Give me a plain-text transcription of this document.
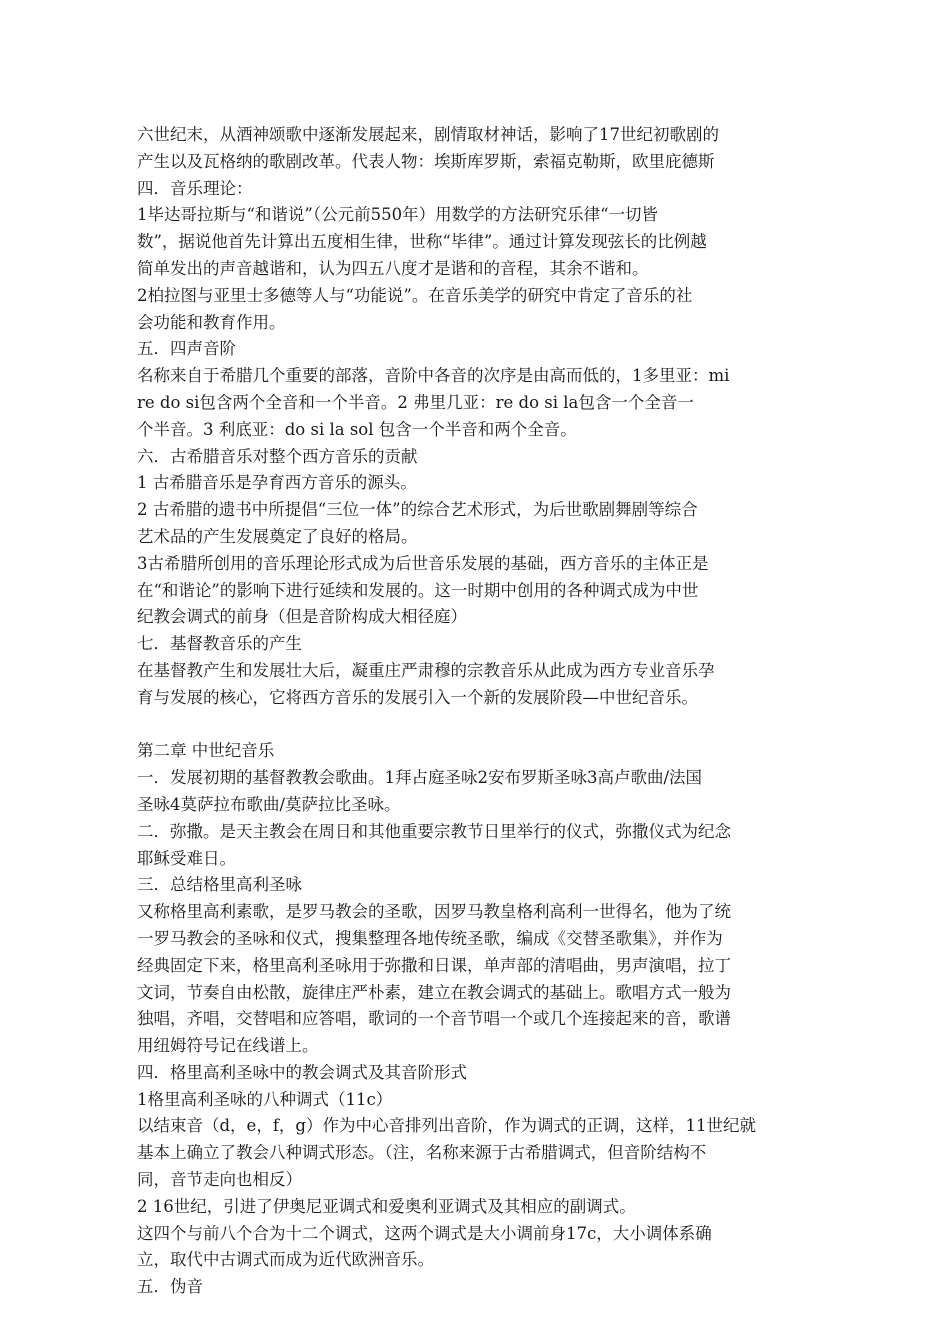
六世纪末，从酒神颂歌中逐渐发展起来，剧情取材神话，影响了17世纪初歌剧的
产生以及瓦格纳的歌剧改革。代表人物：埃斯库罗斯，索福克勒斯，欧里庇德斯
四．音乐理论：
1毕达哥拉斯与“和谐说”（公元前550年）用数学的方法研究乐律“一切皆
数”，据说他首先计算出五度相生律，世称“毕律”。通过计算发现弦长的比例越
简单发出的声音越谐和，认为四五八度才是谐和的音程，其余不谐和。
2柏拉图与亚里士多德等人与“功能说”。在音乐美学的研究中肯定了音乐的社
会功能和教育作用。
五．四声音阶
名称来自于希腊几个重要的部落，音阶中各音的次序是由高而低的，1多里亚：mi
re do si包含两个全音和一个半音。2 弗里几亚：re do si la包含一个全音一
个半音。3 利底亚：do si la sol 包含一个半音和两个全音。
六．古希腊音乐对整个西方音乐的贡献
1 古希腊音乐是孕育西方音乐的源头。
2 古希腊的遗书中所提倡“三位一体”的综合艺术形式，为后世歌剧舞剧等综合
艺术品的产生发展奠定了良好的格局。
3古希腊所创用的音乐理论形式成为后世音乐发展的基础，西方音乐的主体正是
在“和谐论”的影响下进行延续和发展的。这一时期中创用的各种调式成为中世
纪教会调式的前身（但是音阶构成大相径庭）
七．基督教音乐的产生
在基督教产生和发展壮大后，凝重庄严肃穆的宗教音乐从此成为西方专业音乐孕
育与发展的核心，它将西方音乐的发展引入一个新的发展阶段—中世纪音乐。
第二章 中世纪音乐
一．发展初期的基督教教会歌曲。1拜占庭圣咏2安布罗斯圣咏3高卢歌曲/法国
圣咏4莫萨拉布歌曲/莫萨拉比圣咏。
二．弥撒。是天主教会在周日和其他重要宗教节日里举行的仪式，弥撒仪式为纪念
耶稣受难日。
三．总结格里高利圣咏
又称格里高利素歌，是罗马教会的圣歌，因罗马教皇格利高利一世得名，他为了统
一罗马教会的圣咏和仪式，搜集整理各地传统圣歌，编成《交替圣歌集》，并作为
经典固定下来，格里高利圣咏用于弥撒和日课，单声部的清唱曲，男声演唱，拉丁
文词，节奏自由松散，旋律庄严朴素，建立在教会调式的基础上。歌唱方式一般为
独唱，齐唱，交替唱和应答唱，歌词的一个音节唱一个或几个连接起来的音，歌谱
用纽姆符号记在线谱上。
四．格里高利圣咏中的教会调式及其音阶形式
1格里高利圣咏的八种调式（11c）
以结束音（d，e，f，g）作为中心音排列出音阶，作为调式的正调，这样，11世纪就
基本上确立了教会八种调式形态。（注，名称来源于古希腊调式，但音阶结构不
同，音节走向也相反）
2 16世纪，引进了伊奥尼亚调式和爱奥利亚调式及其相应的副调式。
这四个与前八个合为十二个调式，这两个调式是大小调前身17c，大小调体系确
立，取代中古调式而成为近代欧洲音乐。
五．伪音
